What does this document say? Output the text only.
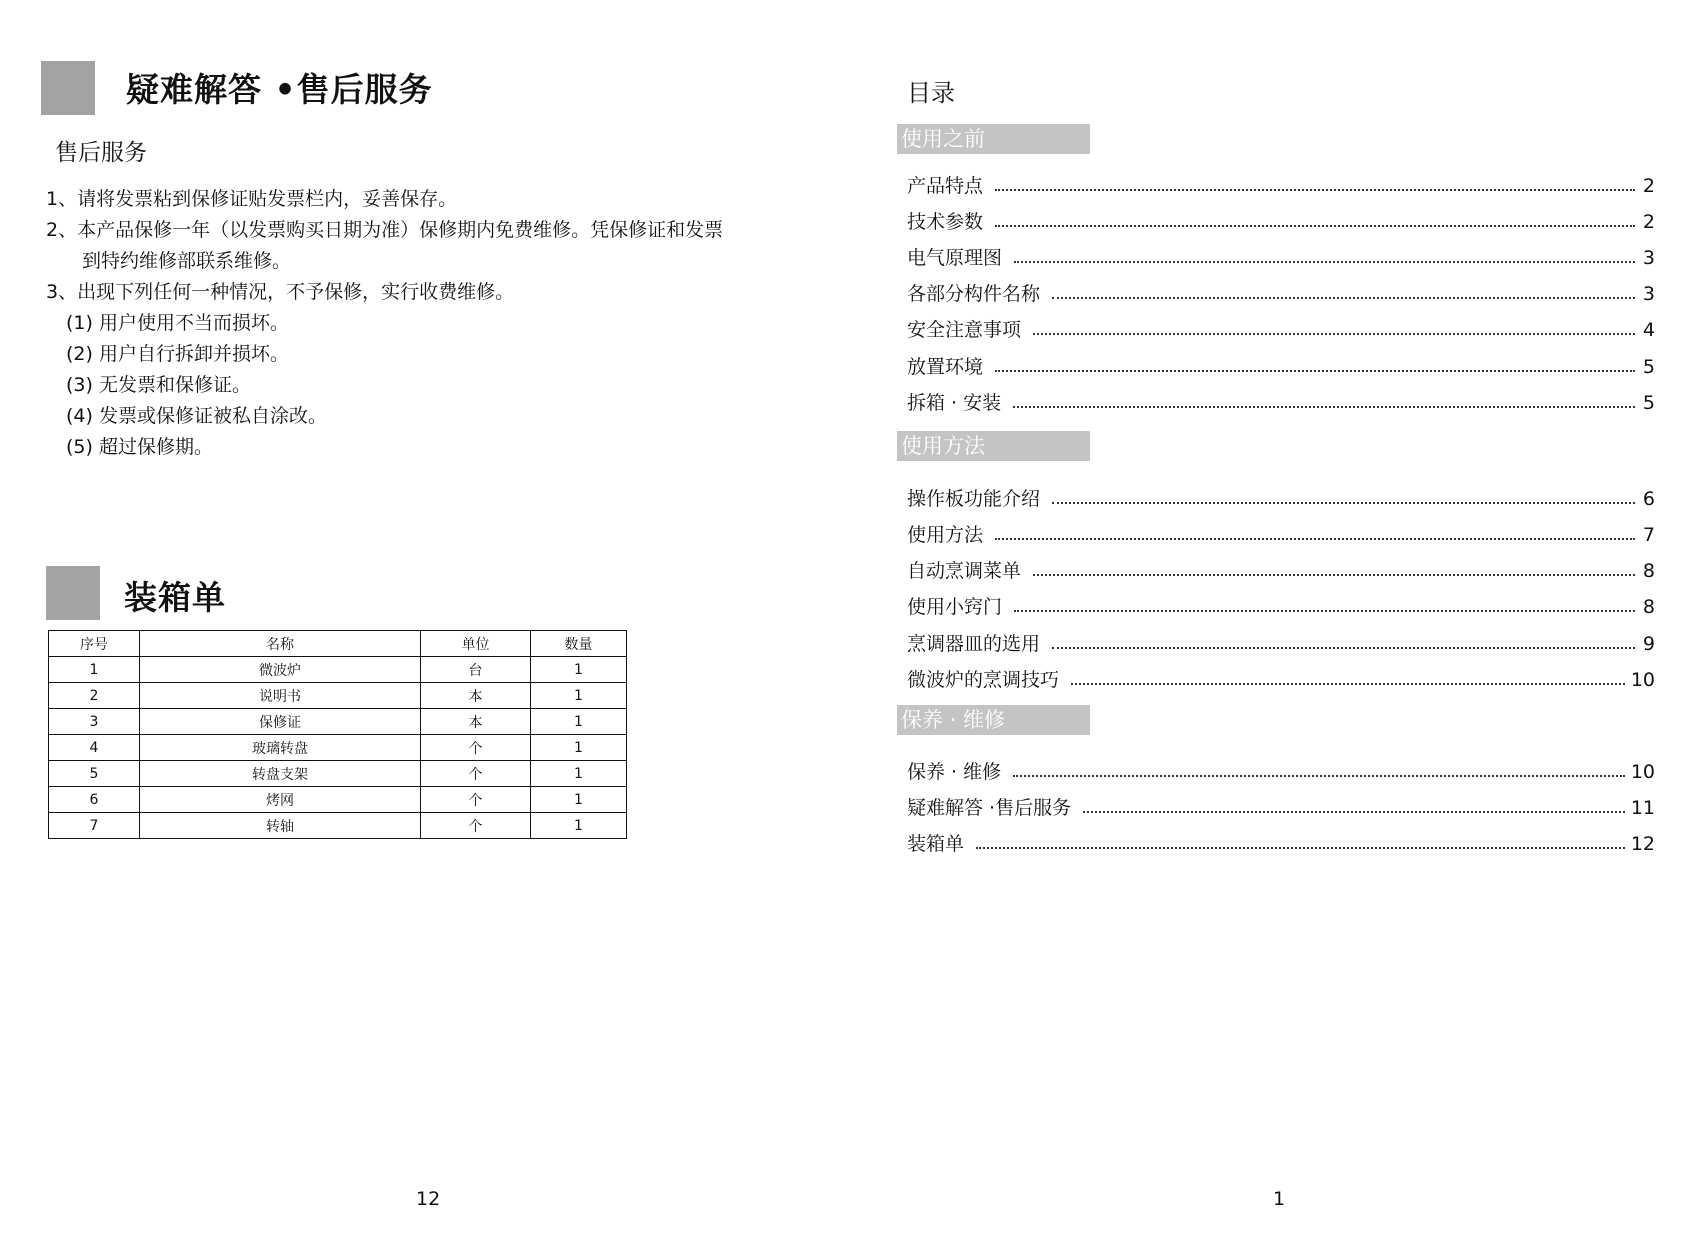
疑难解答 •售后服务
售后服务
1、请将发票粘到保修证贴发票栏内，妥善保存。
2、本产品保修一年（以发票购买日期为准）保修期内免费维修。凭保修证和发票
到特约维修部联系维修。
3、出现下列任何一种情况，不予保修，实行收费维修。
(1) 用户使用不当而损坏。
(2) 用户自行拆卸并损坏。
(3) 无发票和保修证。
(4) 发票或保修证被私自涂改。
(5) 超过保修期。
装箱单
序号	名称	单位	数量
1	微波炉	台	1
2	说明书	本	1
3	保修证	本	1
4	玻璃转盘	个	1
5	转盘支架	个	1
6	烤网	个	1
7	转轴	个	1
12
目录
使用之前
产品特点	2
技术参数	2
电气原理图	3
各部分构件名称	3
安全注意事项	4
放置环境	5
拆箱 · 安装	5
使用方法
操作板功能介绍	6
使用方法	7
自动烹调菜单	8
使用小窍门	8
烹调器皿的选用	9
微波炉的烹调技巧	10
保养 · 维修
保养 · 维修	10
疑难解答 ·售后服务	11
装箱单	12
1
